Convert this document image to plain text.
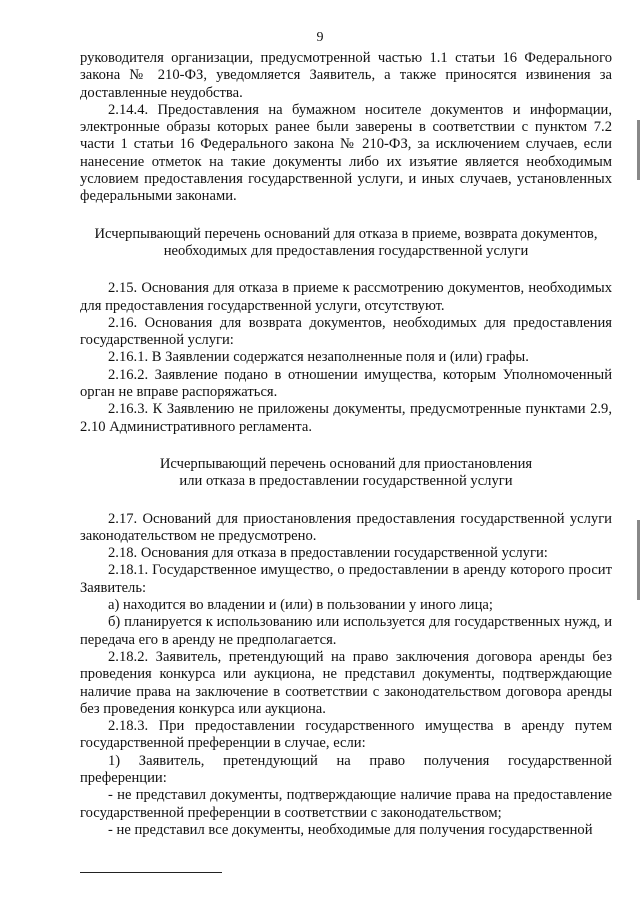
9

руководителя организации, предусмотренной частью 1.1 статьи 16 Федерального закона № 210-ФЗ, уведомляется Заявитель, а также приносятся извинения за доставленные неудобства.

2.14.4. Предоставления на бумажном носителе документов и информации, электронные образы которых ранее были заверены в соответствии с пунктом 7.2 части 1 статьи 16 Федерального закона № 210-ФЗ, за исключением случаев, если нанесение отметок на такие документы либо их изъятие является необходимым условием предоставления государственной услуги, и иных случаев, установленных федеральными законами.

Исчерпывающий перечень оснований для отказа в приеме, возврата документов,

необходимых для предоставления государственной услуги

2.15. Основания для отказа в приеме к рассмотрению документов, необходимых для предоставления государственной услуги, отсутствуют.

2.16. Основания для возврата документов, необходимых для предоставления государственной услуги:

2.16.1. В Заявлении содержатся незаполненные поля и (или) графы.

2.16.2. Заявление подано в отношении имущества, которым Уполномоченный орган не вправе распоряжаться.

2.16.3. К Заявлению не приложены документы, предусмотренные пунктами 2.9, 2.10 Административного регламента.

Исчерпывающий перечень оснований для приостановления

или отказа в предоставлении государственной услуги

2.17. Оснований для приостановления предоставления государственной услуги законодательством не предусмотрено.

2.18. Основания для отказа в предоставлении государственной услуги:

2.18.1. Государственное имущество, о предоставлении в аренду которого просит Заявитель:

а) находится во владении и (или) в пользовании у иного лица;

б) планируется к использованию или используется для государственных нужд, и передача его в аренду не предполагается.

2.18.2. Заявитель, претендующий на право заключения договора аренды без проведения конкурса или аукциона, не представил документы, подтверждающие наличие права на заключение в соответствии с законодательством договора аренды без проведения конкурса или аукциона.

2.18.3. При предоставлении государственного имущества в аренду путем государственной преференции в случае, если:

1) Заявитель, претендующий на право получения государственной преференции:

- не представил документы, подтверждающие наличие права на предоставление государственной преференции в соответствии с законодательством;

- не представил все документы, необходимые для получения государственной
